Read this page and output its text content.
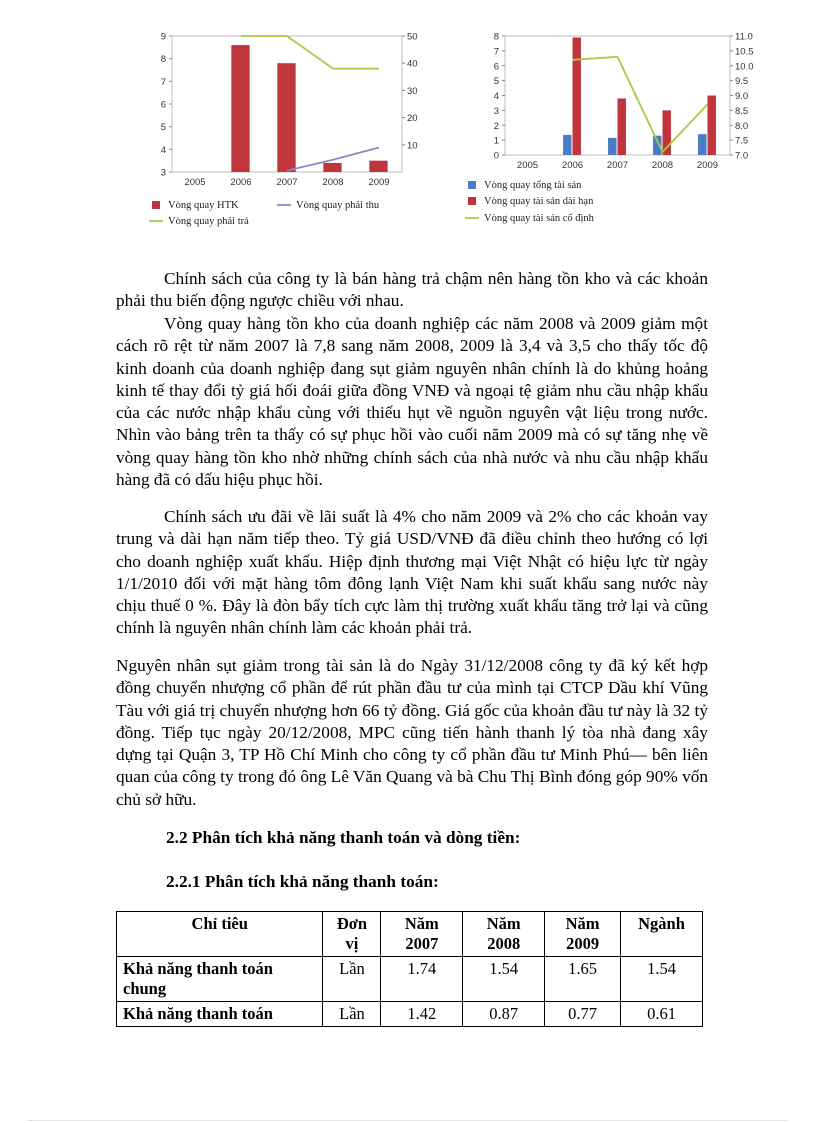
3
4
5
6
7
8
9
10
20
30
40
50
2005	2006	2007	2008	2009
Vòng quay HTK	Vòng quay phải thu
Vòng quay phải trả
0
1
2
3
4
5
6
7
8
7.0
7.5
8.0
8.5
9.0
9.5
10.0
10.5
11.0
2005	2006	2007	2008	2009
Vòng quay tổng tài sản
Vòng quay tài sản dài hạn
Vòng quay tài sản cố định

Chính sách của công ty là bán hàng trả chậm nên hàng tồn kho và các khoản phải thu biến động ngược chiều với nhau.

Vòng quay hàng tồn kho của doanh nghiệp các năm 2008 và 2009 giảm một cách rõ rệt từ năm 2007 là 7,8 sang năm 2008, 2009 là 3,4 và 3,5 cho thấy tốc độ kinh doanh của doanh nghiệp đang sụt giảm nguyên nhân chính là do khủng hoảng kinh tế thay đổi tỷ giá hối đoái giữa đồng VNĐ và ngoại tệ giảm nhu cầu nhập khẩu của các nước nhập khẩu cùng với thiếu hụt về nguồn nguyên vật liệu trong nước. Nhìn vào bảng trên ta thấy có sự phục hồi vào cuối năm 2009 mà có sự tăng nhẹ về vòng quay hàng tồn kho nhờ những chính sách của nhà nước và nhu cầu nhập khẩu hàng đã có dấu hiệu phục hồi.

Chính sách ưu đãi về lãi suất là 4% cho năm 2009 và 2% cho các khoản vay trung và dài hạn năm tiếp theo. Tỷ giá USD/VNĐ đã điều chỉnh theo hướng có lợi cho doanh nghiệp xuất khẩu. Hiệp định thương mại Việt Nhật có hiệu lực từ ngày 1/1/2010 đối với mặt hàng tôm đông lạnh Việt Nam khi suất khẩu sang nước này chịu thuế 0 %. Đây là đòn bẩy tích cực làm thị trường xuất khẩu tăng trở lại và cũng chính là nguyên nhân chính làm các khoản phải trả.

Nguyên nhân sụt giảm trong tài sản là do Ngày 31/12/2008 công ty đã ký kết hợp đồng chuyển nhượng cổ phần để rút phần đầu tư của mình tại CTCP Dầu khí Vũng Tàu với giá trị chuyển nhượng hơn 66 tỷ đồng. Giá gốc của khoản đầu tư này là 32 tỷ đồng. Tiếp tục ngày 20/12/2008, MPC cũng tiến hành thanh lý tòa nhà đang xây dựng tại Quận 3, TP Hồ Chí Minh cho công ty cổ phần đầu tư Minh Phú— bên liên quan của công ty trong đó ông Lê Văn Quang và bà Chu Thị Bình đóng góp 90% vốn chủ sở hữu.

2.2 Phân tích khả năng thanh toán và dòng tiền:

2.2.1 Phân tích khả năng thanh toán:

Chỉ tiêu	Đơn vị	Năm 2007	Năm 2008	Năm 2009	Ngành
Khả năng thanh toán chung	Lần	1.74	1.54	1.65	1.54
Khả năng thanh toán	Lần	1.42	0.87	0.77	0.61
